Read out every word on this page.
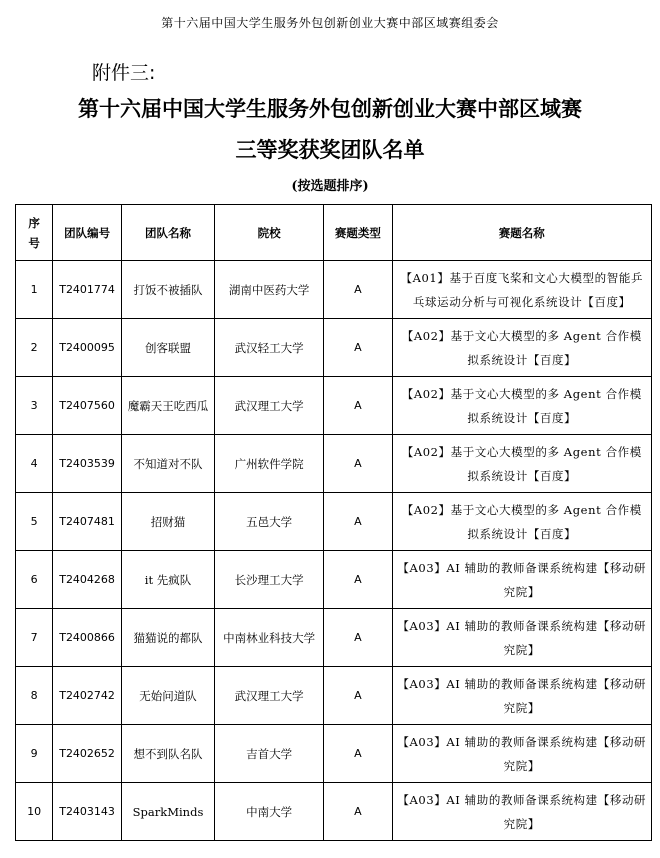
第十六届中国大学生服务外包创新创业大赛中部区域赛组委会
附件三:
第十六届中国大学生服务外包创新创业大赛中部区域赛
三等奖获奖团队名单
(按选题排序)
序
号	团队编号	团队名称	院校	赛题类型	赛题名称
1	T2401774	打饭不被插队	湖南中医药大学	A	【A01】基于百度飞桨和文心大模型的智能乒乓球运动分析与可视化系统设计【百度】
2	T2400095	创客联盟	武汉轻工大学	A	【A02】基于文心大模型的多 Agent 合作模拟系统设计【百度】
3	T2407560	魔霸天王吃西瓜	武汉理工大学	A	【A02】基于文心大模型的多 Agent 合作模拟系统设计【百度】
4	T2403539	不知道对不队	广州软件学院	A	【A02】基于文心大模型的多 Agent 合作模拟系统设计【百度】
5	T2407481	招财猫	五邑大学	A	【A02】基于文心大模型的多 Agent 合作模拟系统设计【百度】
6	T2404268	it 先疯队	长沙理工大学	A	【A03】AI 辅助的教师备课系统构建【移动研究院】
7	T2400866	猫猫说的都队	中南林业科技大学	A	【A03】AI 辅助的教师备课系统构建【移动研究院】
8	T2402742	无始问道队	武汉理工大学	A	【A03】AI 辅助的教师备课系统构建【移动研究院】
9	T2402652	想不到队名队	吉首大学	A	【A03】AI 辅助的教师备课系统构建【移动研究院】
10	T2403143	SparkMinds	中南大学	A	【A03】AI 辅助的教师备课系统构建【移动研究院】
